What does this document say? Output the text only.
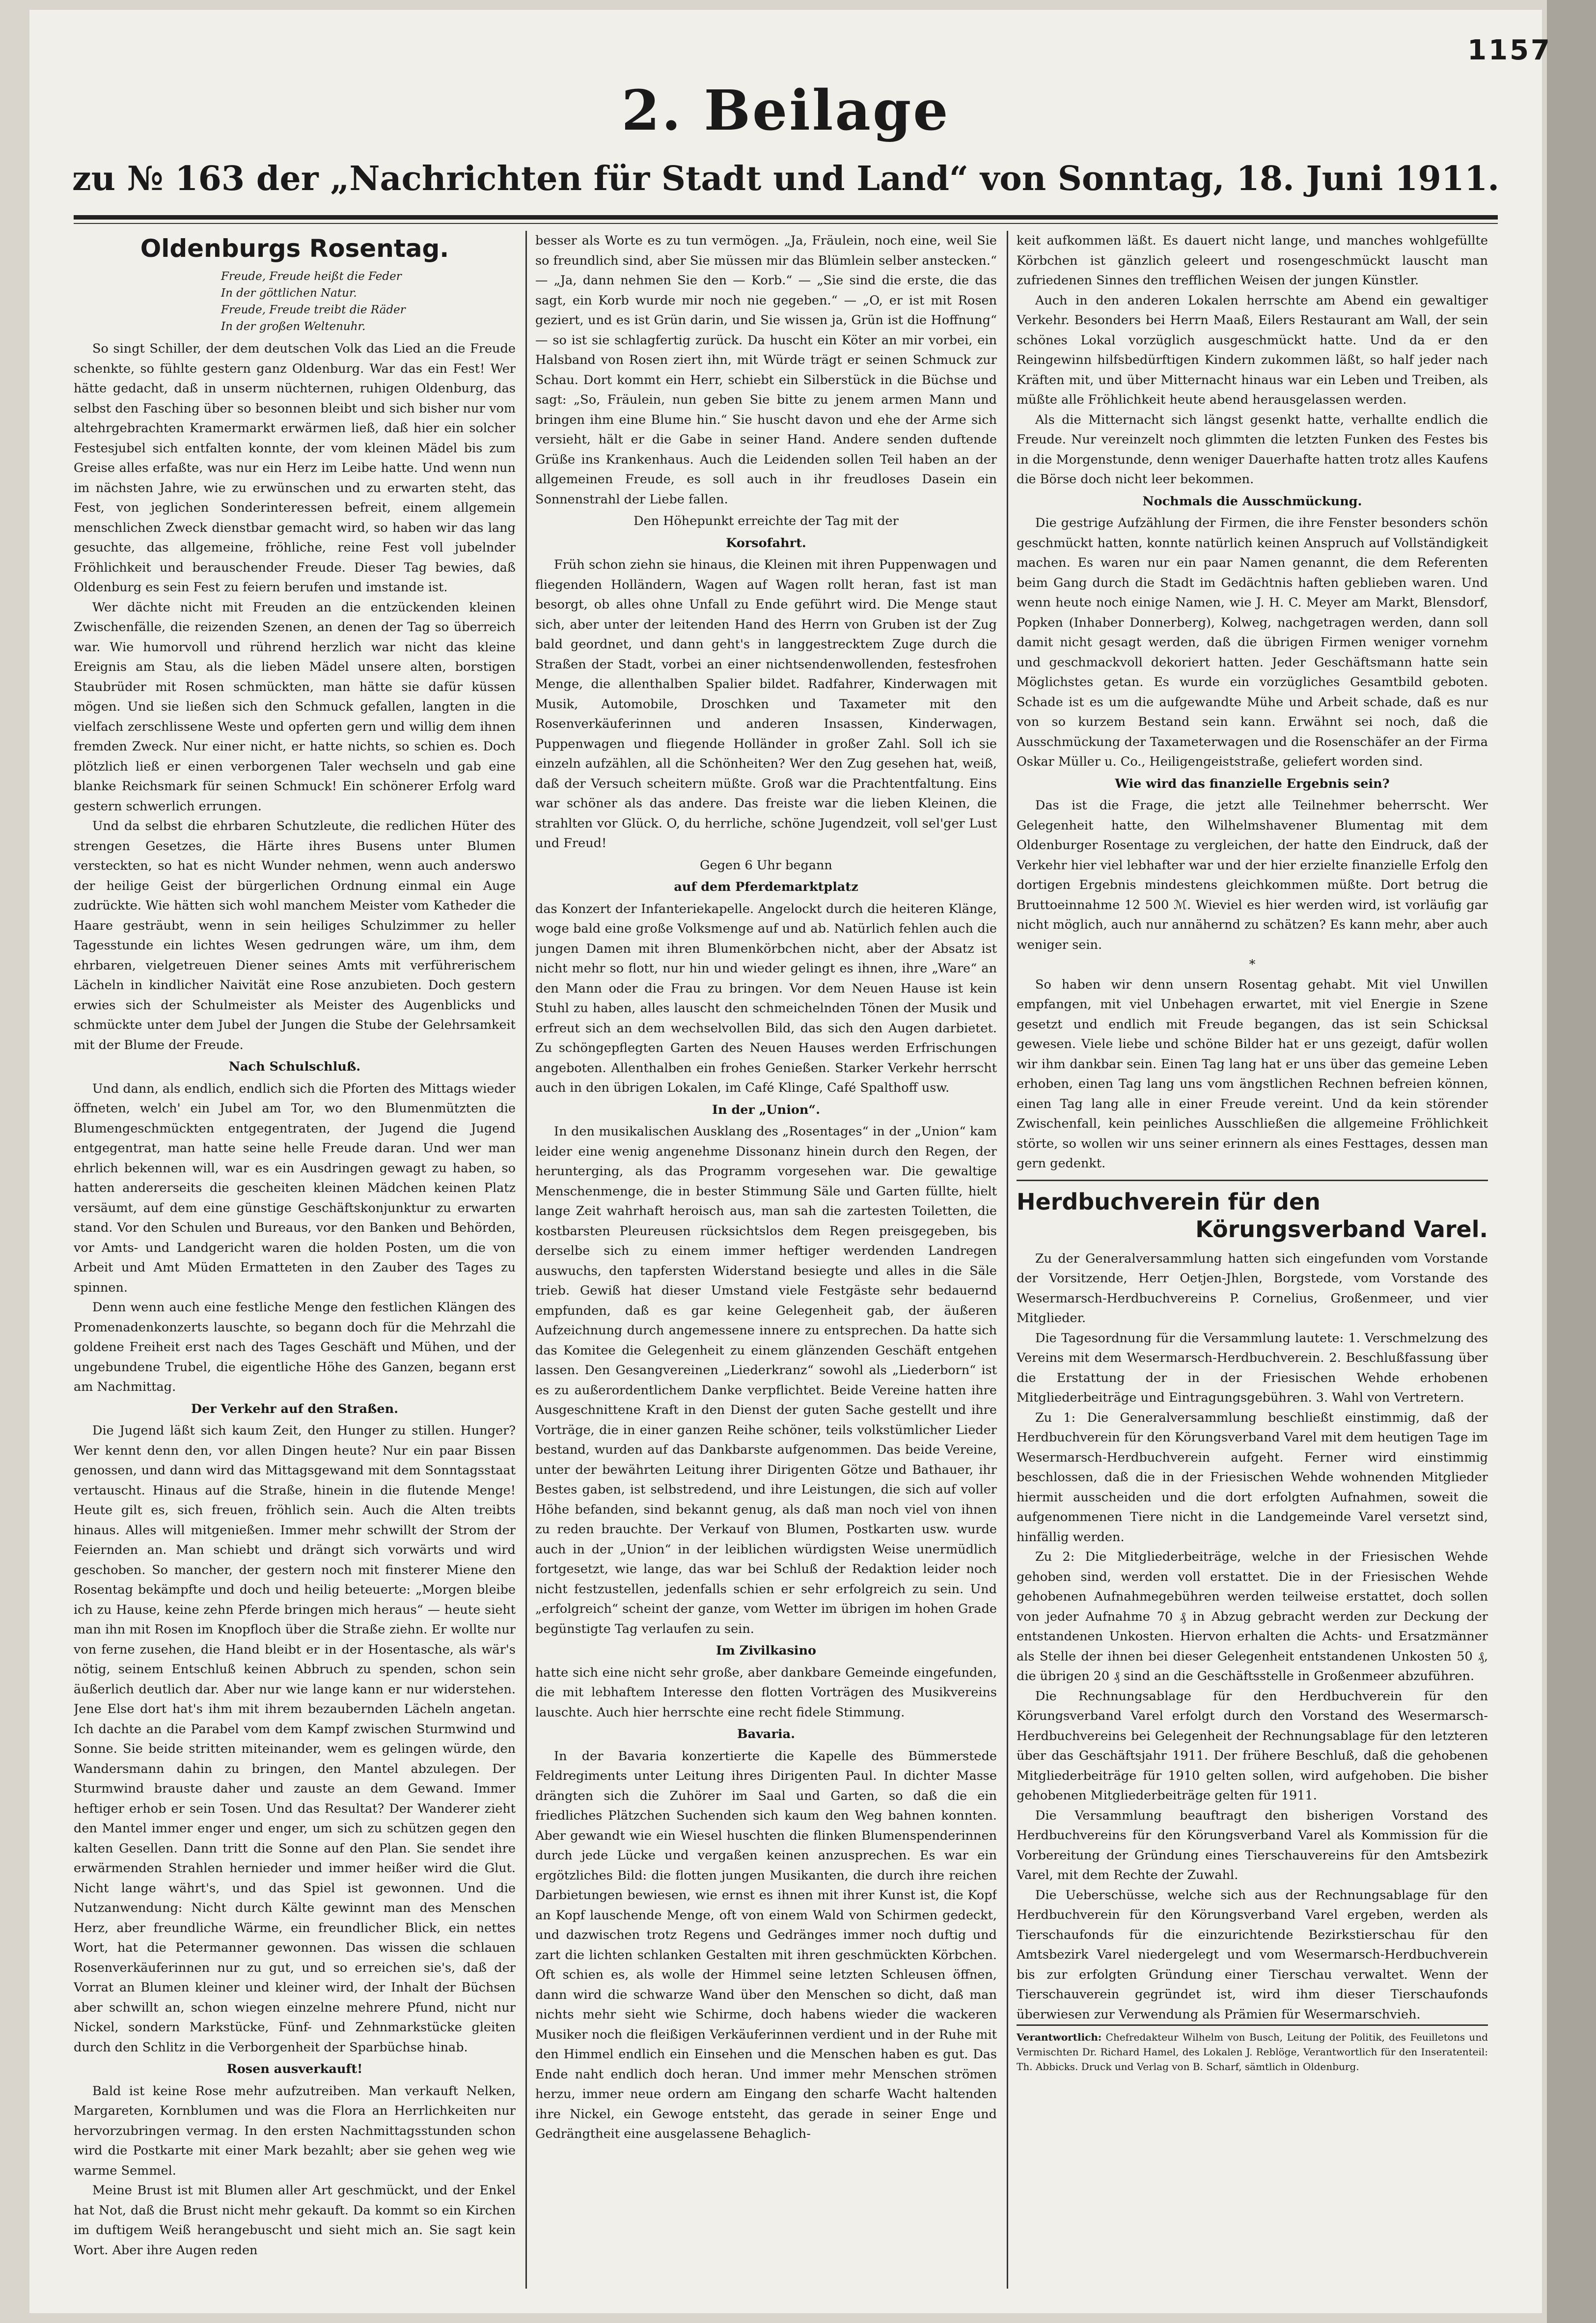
1157
2. Beilage
zu № 163 der „Nachrichten für Stadt und Land“ von Sonntag, 18. Juni 1911.
Oldenburgs Rosentag.

Freude, Freude heißt die Feder

In der göttlichen Natur.

Freude, Freude treibt die Räder

In der großen Weltenuhr.

So singt Schiller, der dem deutschen Volk das Lied an die Freude schenkte, so fühlte gestern ganz Oldenburg. War das ein Fest! Wer hätte gedacht, daß in unserm nüchternen, ruhigen Oldenburg, das selbst den Fasching über so besonnen bleibt und sich bisher nur vom altehrgebrachten Kramermarkt erwärmen ließ, daß hier ein solcher Festesjubel sich entfalten konnte, der vom kleinen Mädel bis zum Greise alles erfaßte, was nur ein Herz im Leibe hatte. Und wenn nun im nächsten Jahre, wie zu erwünschen und zu erwarten steht, das Fest, von jeglichen Sonderinteressen befreit, einem allgemein menschlichen Zweck dienstbar gemacht wird, so haben wir das lang gesuchte, das allgemeine, fröhliche, reine Fest voll jubelnder Fröhlichkeit und berauschender Freude. Dieser Tag bewies, daß Oldenburg es sein Fest zu feiern berufen und imstande ist.

Wer dächte nicht mit Freuden an die entzückenden kleinen Zwischenfälle, die reizenden Szenen, an denen der Tag so überreich war. Wie humorvoll und rührend herzlich war nicht das kleine Ereignis am Stau, als die lieben Mädel unsere alten, borstigen Staubrüder mit Rosen schmückten, man hätte sie dafür küssen mögen. Und sie ließen sich den Schmuck gefallen, langten in die vielfach zerschlissene Weste und opferten gern und willig dem ihnen fremden Zweck. Nur einer nicht, er hatte nichts, so schien es. Doch plötzlich ließ er einen verborgenen Taler wechseln und gab eine blanke Reichsmark für seinen Schmuck! Ein schönerer Erfolg ward gestern schwerlich errungen.

Und da selbst die ehrbaren Schutzleute, die redlichen Hüter des strengen Gesetzes, die Härte ihres Busens unter Blumen versteckten, so hat es nicht Wunder nehmen, wenn auch anderswo der heilige Geist der bürgerlichen Ordnung einmal ein Auge zudrückte. Wie hätten sich wohl manchem Meister vom Katheder die Haare gesträubt, wenn in sein heiliges Schulzimmer zu heller Tagesstunde ein lichtes Wesen gedrungen wäre, um ihm, dem ehrbaren, vielgetreuen Diener seines Amts mit verführerischem Lächeln in kindlicher Naivität eine Rose anzubieten. Doch gestern erwies sich der Schulmeister als Meister des Augenblicks und schmückte unter dem Jubel der Jungen die Stube der Gelehrsamkeit mit der Blume der Freude.

Nach Schulschluß.

Und dann, als endlich, endlich sich die Pforten des Mittags wieder öffneten, welch' ein Jubel am Tor, wo den Blumenmützten die Blumengeschmückten entgegentraten, der Jugend die Jugend entgegentrat, man hatte seine helle Freude daran. Und wer man ehrlich bekennen will, war es ein Ausdringen gewagt zu haben, so hatten andererseits die gescheiten kleinen Mädchen keinen Platz versäumt, auf dem eine günstige Geschäftskonjunktur zu erwarten stand. Vor den Schulen und Bureaus, vor den Banken und Behörden, vor Amts- und Landgericht waren die holden Posten, um die von Arbeit und Amt Müden Ermatteten in den Zauber des Tages zu spinnen.

Denn wenn auch eine festliche Menge den festlichen Klängen des Promenadenkonzerts lauschte, so begann doch für die Mehrzahl die goldene Freiheit erst nach des Tages Geschäft und Mühen, und der ungebundene Trubel, die eigentliche Höhe des Ganzen, begann erst am Nachmittag.

Der Verkehr auf den Straßen.

Die Jugend läßt sich kaum Zeit, den Hunger zu stillen. Hunger? Wer kennt denn den, vor allen Dingen heute? Nur ein paar Bissen genossen, und dann wird das Mittagsgewand mit dem Sonntagsstaat vertauscht. Hinaus auf die Straße, hinein in die flutende Menge! Heute gilt es, sich freuen, fröhlich sein. Auch die Alten treibts hinaus. Alles will mitgenießen. Immer mehr schwillt der Strom der Feiernden an. Man schiebt und drängt sich vorwärts und wird geschoben. So mancher, der gestern noch mit finsterer Miene den Rosentag bekämpfte und doch und heilig beteuerte: „Morgen bleibe ich zu Hause, keine zehn Pferde bringen mich heraus“ — heute sieht man ihn mit Rosen im Knopfloch über die Straße ziehn. Er wollte nur von ferne zusehen, die Hand bleibt er in der Hosentasche, als wär's nötig, seinem Entschluß keinen Abbruch zu spenden, schon sein äußerlich deutlich dar. Aber nur wie lange kann er nur widerstehen. Jene Else dort hat's ihm mit ihrem bezaubernden Lächeln angetan. Ich dachte an die Parabel vom dem Kampf zwischen Sturmwind und Sonne. Sie beide stritten miteinander, wem es gelingen würde, den Wandersmann dahin zu bringen, den Mantel abzulegen. Der Sturmwind brauste daher und zauste an dem Gewand. Immer heftiger erhob er sein Tosen. Und das Resultat? Der Wanderer zieht den Mantel immer enger und enger, um sich zu schützen gegen den kalten Gesellen. Dann tritt die Sonne auf den Plan. Sie sendet ihre erwärmenden Strahlen hernieder und immer heißer wird die Glut. Nicht lange währt's, und das Spiel ist gewonnen. Und die Nutzanwendung: Nicht durch Kälte gewinnt man des Menschen Herz, aber freundliche Wärme, ein freundlicher Blick, ein nettes Wort, hat die Petermanner gewonnen. Das wissen die schlauen Rosenverkäuferinnen nur zu gut, und so erreichen sie's, daß der Vorrat an Blumen kleiner und kleiner wird, der Inhalt der Büchsen aber schwillt an, schon wiegen einzelne mehrere Pfund, nicht nur Nickel, sondern Markstücke, Fünf- und Zehnmarkstücke gleiten durch den Schlitz in die Verborgenheit der Sparbüchse hinab.

Rosen ausverkauft!

Bald ist keine Rose mehr aufzutreiben. Man verkauft Nelken, Margareten, Kornblumen und was die Flora an Herrlichkeiten nur hervorzubringen vermag. In den ersten Nachmittagsstunden schon wird die Postkarte mit einer Mark bezahlt; aber sie gehen weg wie warme Semmel.

Meine Brust ist mit Blumen aller Art geschmückt, und der Enkel hat Not, daß die Brust nicht mehr gekauft. Da kommt so ein Kirchen im duftigem Weiß herangebuscht und sieht mich an. Sie sagt kein Wort. Aber ihre Augen reden

besser als Worte es zu tun vermögen. „Ja, Fräulein, noch eine, weil Sie so freundlich sind, aber Sie müssen mir das Blümlein selber anstecken.“ — „Ja, dann nehmen Sie den — Korb.“ — „Sie sind die erste, die das sagt, ein Korb wurde mir noch nie gegeben.“ — „O, er ist mit Rosen geziert, und es ist Grün darin, und Sie wissen ja, Grün ist die Hoffnung“ — so ist sie schlagfertig zurück. Da huscht ein Köter an mir vorbei, ein Halsband von Rosen ziert ihn, mit Würde trägt er seinen Schmuck zur Schau. Dort kommt ein Herr, schiebt ein Silberstück in die Büchse und sagt: „So, Fräulein, nun geben Sie bitte zu jenem armen Mann und bringen ihm eine Blume hin.“ Sie huscht davon und ehe der Arme sich versieht, hält er die Gabe in seiner Hand. Andere senden duftende Grüße ins Krankenhaus. Auch die Leidenden sollen Teil haben an der allgemeinen Freude, es soll auch in ihr freudloses Dasein ein Sonnenstrahl der Liebe fallen.

Den Höhepunkt erreichte der Tag mit der

Korsofahrt.

Früh schon ziehn sie hinaus, die Kleinen mit ihren Puppenwagen und fliegenden Holländern, Wagen auf Wagen rollt heran, fast ist man besorgt, ob alles ohne Unfall zu Ende geführt wird. Die Menge staut sich, aber unter der leitenden Hand des Herrn von Gruben ist der Zug bald geordnet, und dann geht's in langgestrecktem Zuge durch die Straßen der Stadt, vorbei an einer nichtsendenwollenden, festesfrohen Menge, die allenthalben Spalier bildet. Radfahrer, Kinderwagen mit Musik, Automobile, Droschken und Taxameter mit den Rosenverkäuferinnen und anderen Insassen, Kinderwagen, Puppenwagen und fliegende Holländer in großer Zahl. Soll ich sie einzeln aufzählen, all die Schönheiten? Wer den Zug gesehen hat, weiß, daß der Versuch scheitern müßte. Groß war die Prachtentfaltung. Eins war schöner als das andere. Das freiste war die lieben Kleinen, die strahlten vor Glück. O, du herrliche, schöne Jugendzeit, voll sel'ger Lust und Freud!

Gegen 6 Uhr begann

auf dem Pferdemarktplatz

das Konzert der Infanteriekapelle. Angelockt durch die heiteren Klänge, woge bald eine große Volksmenge auf und ab. Natürlich fehlen auch die jungen Damen mit ihren Blumenkörbchen nicht, aber der Absatz ist nicht mehr so flott, nur hin und wieder gelingt es ihnen, ihre „Ware“ an den Mann oder die Frau zu bringen. Vor dem Neuen Hause ist kein Stuhl zu haben, alles lauscht den schmeichelnden Tönen der Musik und erfreut sich an dem wechselvollen Bild, das sich den Augen darbietet. Zu schöngepflegten Garten des Neuen Hauses werden Erfrischungen angeboten. Allenthalben ein frohes Genießen. Starker Verkehr herrscht auch in den übrigen Lokalen, im Café Klinge, Café Spalthoff usw.

In der „Union“.

In den musikalischen Ausklang des „Rosentages“ in der „Union“ kam leider eine wenig angenehme Dissonanz hinein durch den Regen, der herunterging, als das Programm vorgesehen war. Die gewaltige Menschenmenge, die in bester Stimmung Säle und Garten füllte, hielt lange Zeit wahrhaft heroisch aus, man sah die zartesten Toiletten, die kostbarsten Pleureusen rücksichtslos dem Regen preisgegeben, bis derselbe sich zu einem immer heftiger werdenden Landregen auswuchs, den tapfersten Widerstand besiegte und alles in die Säle trieb. Gewiß hat dieser Umstand viele Festgäste sehr bedauernd empfunden, daß es gar keine Gelegenheit gab, der äußeren Aufzeichnung durch angemessene innere zu entsprechen. Da hatte sich das Komitee die Gelegenheit zu einem glänzenden Geschäft entgehen lassen. Den Gesangvereinen „Liederkranz“ sowohl als „Liederborn“ ist es zu außerordentlichem Danke verpflichtet. Beide Vereine hatten ihre Ausgeschnittene Kraft in den Dienst der guten Sache gestellt und ihre Vorträge, die in einer ganzen Reihe schöner, teils volkstümlicher Lieder bestand, wurden auf das Dankbarste aufgenommen. Das beide Vereine, unter der bewährten Leitung ihrer Dirigenten Götze und Bathauer, ihr Bestes gaben, ist selbstredend, und ihre Leistungen, die sich auf voller Höhe befanden, sind bekannt genug, als daß man noch viel von ihnen zu reden brauchte. Der Verkauf von Blumen, Postkarten usw. wurde auch in der „Union“ in der leiblichen würdigsten Weise unermüdlich fortgesetzt, wie lange, das war bei Schluß der Redaktion leider noch nicht festzustellen, jedenfalls schien er sehr erfolgreich zu sein. Und „erfolgreich“ scheint der ganze, vom Wetter im übrigen im hohen Grade begünstigte Tag verlaufen zu sein.

Im Zivilkasino

hatte sich eine nicht sehr große, aber dankbare Gemeinde eingefunden, die mit lebhaftem Interesse den flotten Vorträgen des Musikvereins lauschte. Auch hier herrschte eine recht fidele Stimmung.

Bavaria.

In der Bavaria konzertierte die Kapelle des Bümmerstede Feldregiments unter Leitung ihres Dirigenten Paul. In dichter Masse drängten sich die Zuhörer im Saal und Garten, so daß die ein friedliches Plätzchen Suchenden sich kaum den Weg bahnen konnten. Aber gewandt wie ein Wiesel huschten die flinken Blumenspenderinnen durch jede Lücke und vergaßen keinen anzusprechen. Es war ein ergötzliches Bild: die flotten jungen Musikanten, die durch ihre reichen Darbietungen bewiesen, wie ernst es ihnen mit ihrer Kunst ist, die Kopf an Kopf lauschende Menge, oft von einem Wald von Schirmen gedeckt, und dazwischen trotz Regens und Gedränges immer noch duftig und zart die lichten schlanken Gestalten mit ihren geschmückten Körbchen. Oft schien es, als wolle der Himmel seine letzten Schleusen öffnen, dann wird die schwarze Wand über den Menschen so dicht, daß man nichts mehr sieht wie Schirme, doch habens wieder die wackeren Musiker noch die fleißigen Verkäuferinnen verdient und in der Ruhe mit den Himmel endlich ein Einsehen und die Menschen haben es gut. Das Ende naht endlich doch heran. Und immer mehr Menschen strömen herzu, immer neue ordern am Eingang den scharfe Wacht haltenden ihre Nickel, ein Gewoge entsteht, das gerade in seiner Enge und Gedrängtheit eine ausgelassene Behaglich-

keit aufkommen läßt. Es dauert nicht lange, und manches wohlgefüllte Körbchen ist gänzlich geleert und rosengeschmückt lauscht man zufriedenen Sinnes den trefflichen Weisen der jungen Künstler.

Auch in den anderen Lokalen herrschte am Abend ein gewaltiger Verkehr. Besonders bei Herrn Maaß, Eilers Restaurant am Wall, der sein schönes Lokal vorzüglich ausgeschmückt hatte. Und da er den Reingewinn hilfsbedürftigen Kindern zukommen läßt, so half jeder nach Kräften mit, und über Mitternacht hinaus war ein Leben und Treiben, als müßte alle Fröhlichkeit heute abend herausgelassen werden.

Als die Mitternacht sich längst gesenkt hatte, verhallte endlich die Freude. Nur vereinzelt noch glimmten die letzten Funken des Festes bis in die Morgenstunde, denn weniger Dauerhafte hatten trotz alles Kaufens die Börse doch nicht leer bekommen.

Nochmals die Ausschmückung.

Die gestrige Aufzählung der Firmen, die ihre Fenster besonders schön geschmückt hatten, konnte natürlich keinen Anspruch auf Vollständigkeit machen. Es waren nur ein paar Namen genannt, die dem Referenten beim Gang durch die Stadt im Gedächtnis haften geblieben waren. Und wenn heute noch einige Namen, wie J. H. C. Meyer am Markt, Blensdorf, Popken (Inhaber Donnerberg), Kolweg, nachgetragen werden, dann soll damit nicht gesagt werden, daß die übrigen Firmen weniger vornehm und geschmackvoll dekoriert hatten. Jeder Geschäftsmann hatte sein Möglichstes getan. Es wurde ein vorzügliches Gesamtbild geboten. Schade ist es um die aufgewandte Mühe und Arbeit schade, daß es nur von so kurzem Bestand sein kann. Erwähnt sei noch, daß die Ausschmückung der Taxameterwagen und die Rosenschäfer an der Firma Oskar Müller u. Co., Heiligengeiststraße, geliefert worden sind.

Wie wird das finanzielle Ergebnis sein?

Das ist die Frage, die jetzt alle Teilnehmer beherrscht. Wer Gelegenheit hatte, den Wilhelmshavener Blumentag mit dem Oldenburger Rosentage zu vergleichen, der hatte den Eindruck, daß der Verkehr hier viel lebhafter war und der hier erzielte finanzielle Erfolg den dortigen Ergebnis mindestens gleichkommen müßte. Dort betrug die Bruttoeinnahme 12 500 ℳ. Wieviel es hier werden wird, ist vorläufig gar nicht möglich, auch nur annähernd zu schätzen? Es kann mehr, aber auch weniger sein.

*

So haben wir denn unsern Rosentag gehabt. Mit viel Unwillen empfangen, mit viel Unbehagen erwartet, mit viel Energie in Szene gesetzt und endlich mit Freude begangen, das ist sein Schicksal gewesen. Viele liebe und schöne Bilder hat er uns gezeigt, dafür wollen wir ihm dankbar sein. Einen Tag lang hat er uns über das gemeine Leben erhoben, einen Tag lang uns vom ängstlichen Rechnen befreien können, einen Tag lang alle in einer Freude vereint. Und da kein störender Zwischenfall, kein peinliches Ausschließen die allgemeine Fröhlichkeit störte, so wollen wir uns seiner erinnern als eines Festtages, dessen man gern gedenkt.

Herdbuchverein für den
Körungsverband Varel.

Zu der Generalversammlung hatten sich eingefunden vom Vorstande der Vorsitzende, Herr Oetjen-Jhlen, Borgstede, vom Vorstande des Wesermarsch-Herdbuchvereins P. Cornelius, Großenmeer, und vier Mitglieder.

Die Tagesordnung für die Versammlung lautete: 1. Verschmelzung des Vereins mit dem Wesermarsch-Herdbuchverein. 2. Beschlußfassung über die Erstattung der in der Friesischen Wehde erhobenen Mitgliederbeiträge und Eintragungsgebühren. 3. Wahl von Vertretern.

Zu 1: Die Generalversammlung beschließt einstimmig, daß der Herdbuchverein für den Körungsverband Varel mit dem heutigen Tage im Wesermarsch-Herdbuchverein aufgeht. Ferner wird einstimmig beschlossen, daß die in der Friesischen Wehde wohnenden Mitglieder hiermit ausscheiden und die dort erfolgten Aufnahmen, soweit die aufgenommenen Tiere nicht in die Landgemeinde Varel versetzt sind, hinfällig werden.

Zu 2: Die Mitgliederbeiträge, welche in der Friesischen Wehde gehoben sind, werden voll erstattet. Die in der Friesischen Wehde gehobenen Aufnahmegebühren werden teilweise erstattet, doch sollen von jeder Aufnahme 70 ₰ in Abzug gebracht werden zur Deckung der entstandenen Unkosten. Hiervon erhalten die Achts- und Ersatzmänner als Stelle der ihnen bei dieser Gelegenheit entstandenen Unkosten 50 ₰, die übrigen 20 ₰ sind an die Geschäftsstelle in Großenmeer abzuführen.

Die Rechnungsablage für den Herdbuchverein für den Körungsverband Varel erfolgt durch den Vorstand des Wesermarsch-Herdbuchvereins bei Gelegenheit der Rechnungsablage für den letzteren über das Geschäftsjahr 1911. Der frühere Beschluß, daß die gehobenen Mitgliederbeiträge für 1910 gelten sollen, wird aufgehoben. Die bisher gehobenen Mitgliederbeiträge gelten für 1911.

Die Versammlung beauftragt den bisherigen Vorstand des Herdbuchvereins für den Körungsverband Varel als Kommission für die Vorbereitung der Gründung eines Tierschauvereins für den Amtsbezirk Varel, mit dem Rechte der Zuwahl.

Die Ueberschüsse, welche sich aus der Rechnungsablage für den Herdbuchverein für den Körungsverband Varel ergeben, werden als Tierschaufonds für die einzurichtende Bezirkstierschau für den Amtsbezirk Varel niedergelegt und vom Wesermarsch-Herdbuchverein bis zur erfolgten Gründung einer Tierschau verwaltet. Wenn der Tierschauverein gegründet ist, wird ihm dieser Tierschaufonds überwiesen zur Verwendung als Prämien für Wesermarschvieh.

Verantwortlich: Chefredakteur Wilhelm von Busch, Leitung der Politik, des Feuilletons und Vermischten Dr. Richard Hamel, des Lokalen J. Reblöge, Verantwortlich für den Inseratenteil: Th. Abbicks. Druck und Verlag von B. Scharf, sämtlich in Oldenburg.
